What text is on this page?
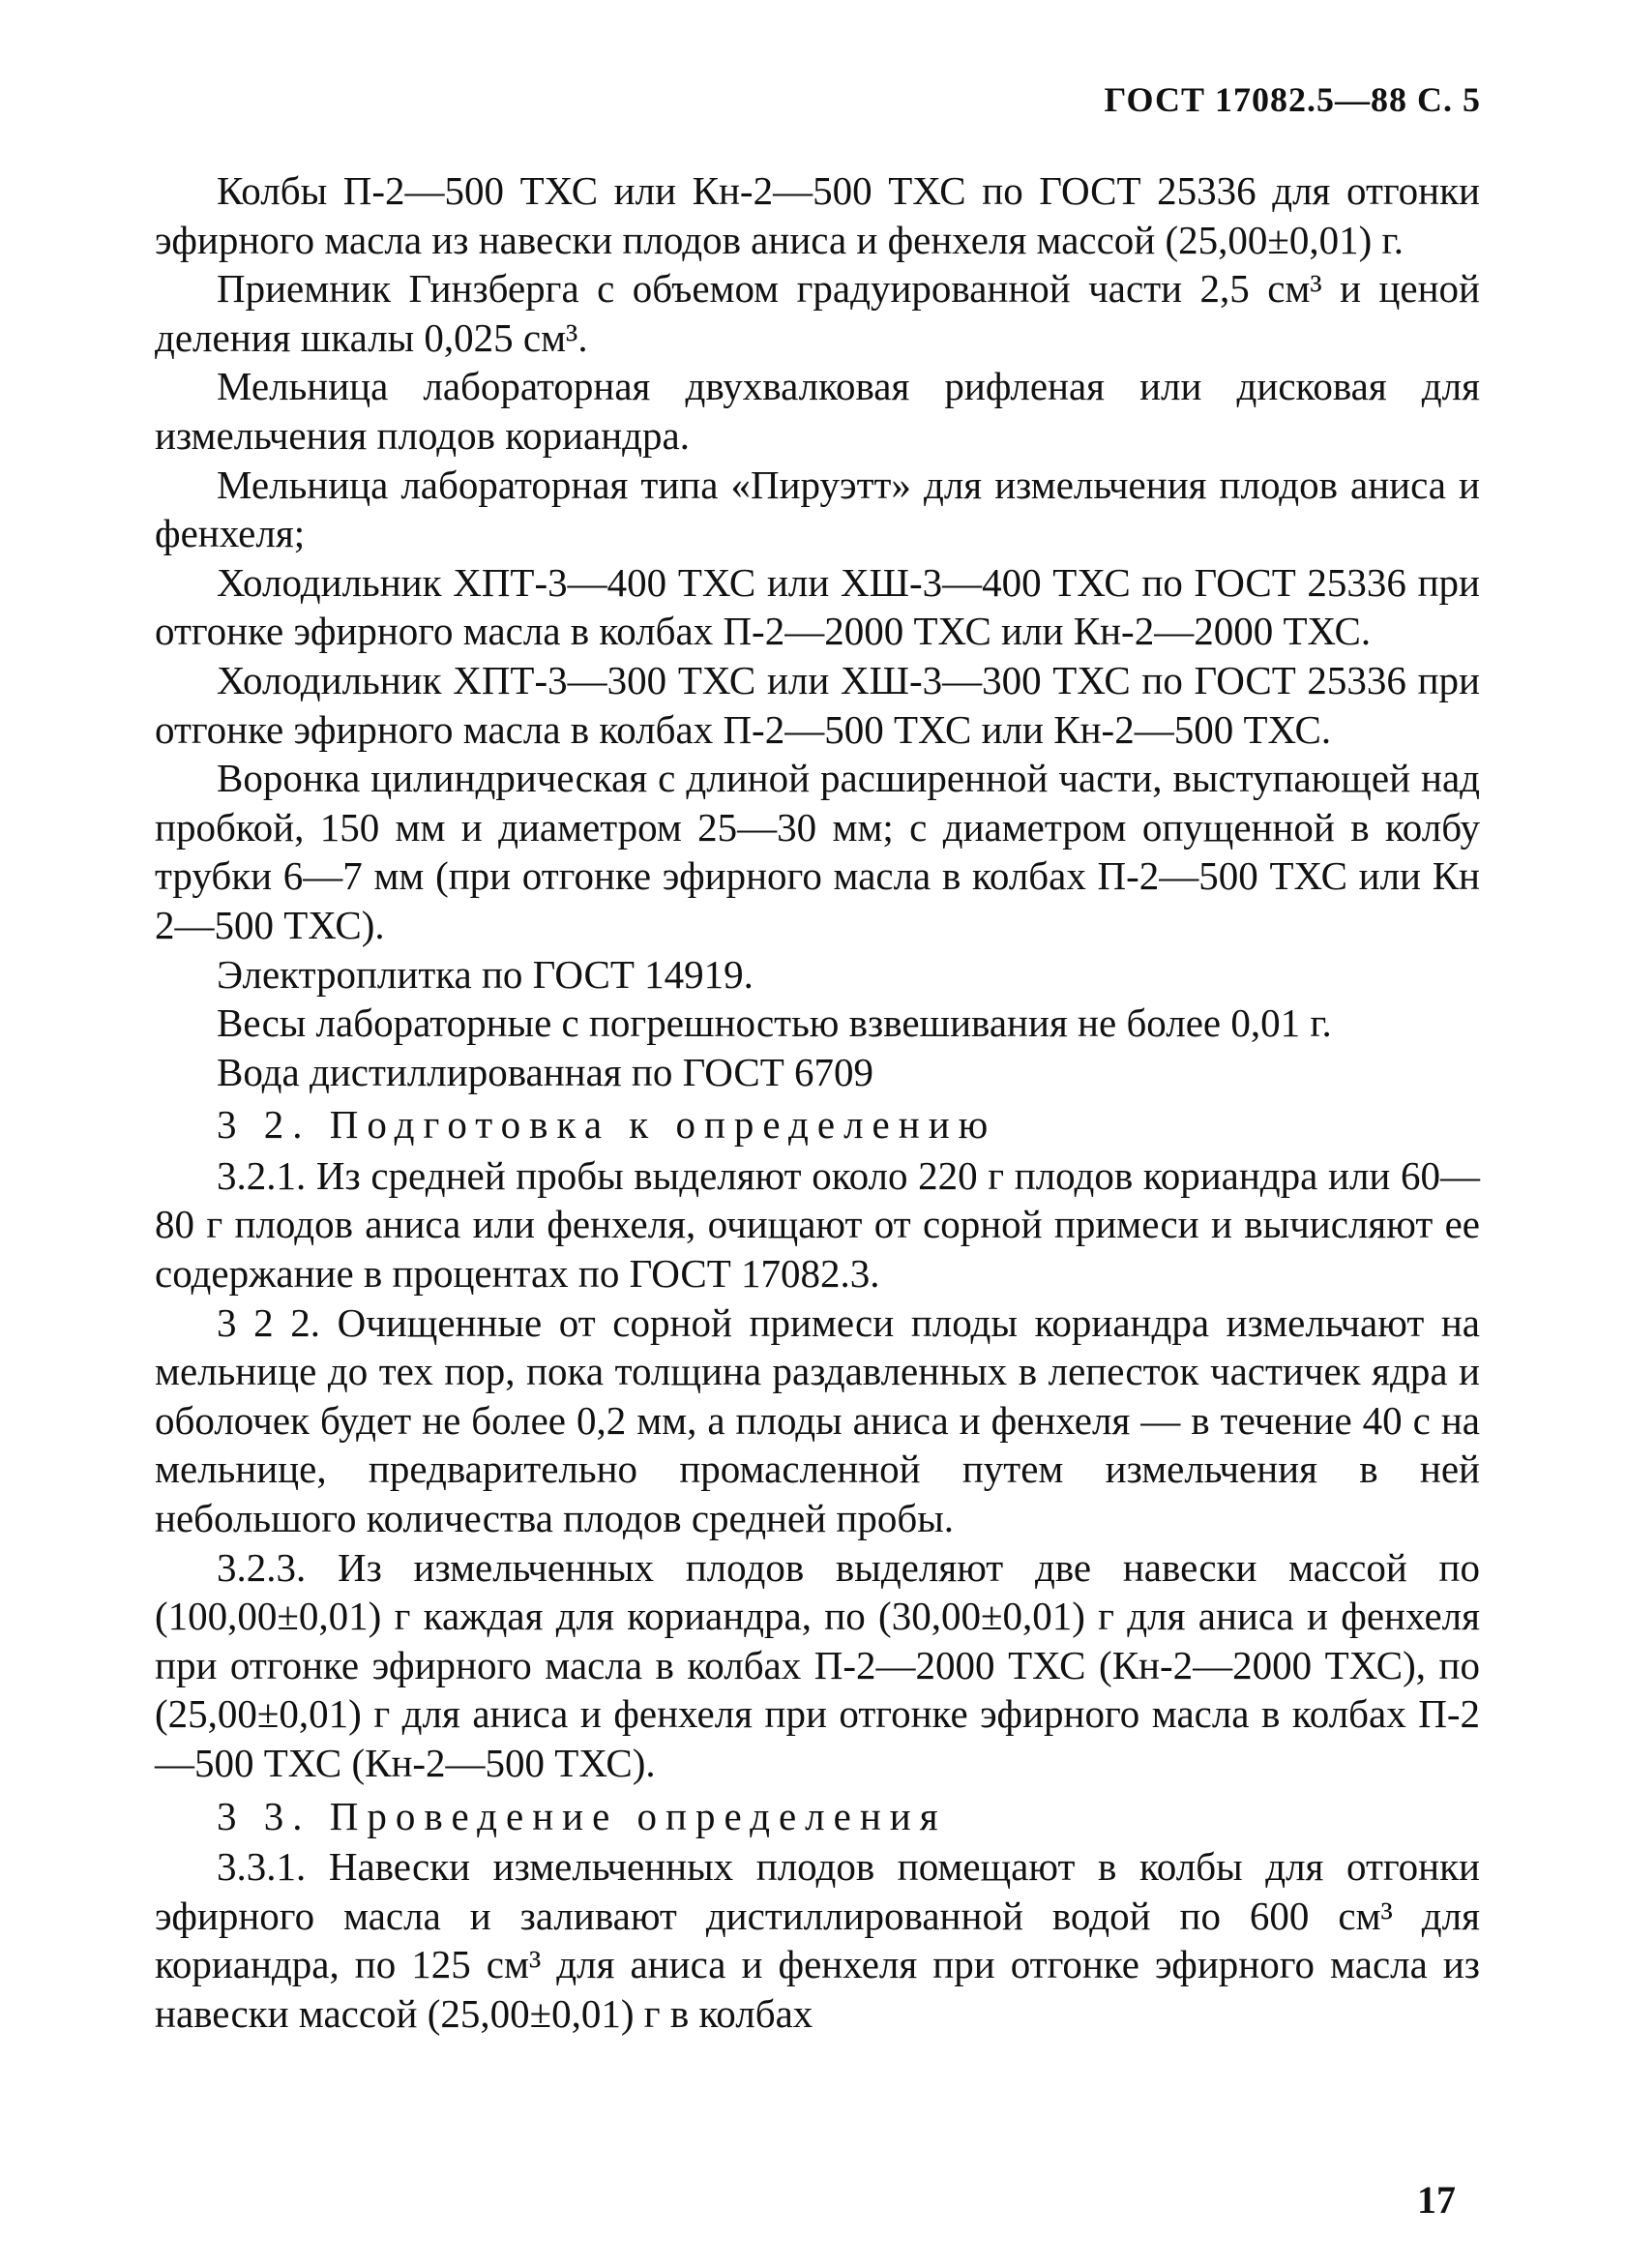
ГОСТ 17082.5—88 С. 5

Колбы П-2—500 ТХС или Кн-2—500 ТХС по ГОСТ 25336 для отгонки эфирного масла из навески плодов аниса и фенхеля массой (25,00±0,01) г.

Приемник Гинзберга с объемом градуированной части 2,5 см³ и ценой деления шкалы 0,025 см³.

Мельница лабораторная двухвалковая рифленая или дисковая для измельчения плодов кориандра.

Мельница лабораторная типа «Пируэтт» для измельчения плодов аниса и фенхеля;

Холодильник ХПТ-3—400 ТХС или ХШ-3—400 ТХС по ГОСТ 25336 при отгонке эфирного масла в колбах П-2—2000 ТХС или Кн-2—2000 ТХС.

Холодильник ХПТ-3—300 ТХС или ХШ-3—300 ТХС по ГОСТ 25336 при отгонке эфирного масла в колбах П-2—500 ТХС или Кн-2—500 ТХС.

Воронка цилиндрическая с длиной расширенной части, выступающей над пробкой, 150 мм и диаметром 25—30 мм; с диаметром опущенной в колбу трубки 6—7 мм (при отгонке эфирного масла в колбах П-2—500 ТХС или Кн 2—500 ТХС).

Электроплитка по ГОСТ 14919.

Весы лабораторные с погрешностью взвешивания не более 0,01 г.

Вода дистиллированная по ГОСТ 6709

3 2. Подготовка к определению

3.2.1. Из средней пробы выделяют около 220 г плодов кориандра или 60—80 г плодов аниса или фенхеля, очищают от сорной примеси и вычисляют ее содержание в процентах по ГОСТ 17082.3.

3 2 2. Очищенные от сорной примеси плоды кориандра измельчают на мельнице до тех пор, пока толщина раздавленных в лепесток частичек ядра и оболочек будет не более 0,2 мм, а плоды аниса и фенхеля — в течение 40 с на мельнице, предварительно промасленной путем измельчения в ней небольшого количества плодов средней пробы.

3.2.3. Из измельченных плодов выделяют две навески массой по (100,00±0,01) г каждая для кориандра, по (30,00±0,01) г для аниса и фенхеля при отгонке эфирного масла в колбах П-2—2000 ТХС (Кн-2—2000 ТХС), по (25,00±0,01) г для аниса и фенхеля при отгонке эфирного масла в колбах П-2—500 ТХС (Кн-2—500 ТХС).

3 3. Проведение определения

3.3.1. Навески измельченных плодов помещают в колбы для отгонки эфирного масла и заливают дистиллированной водой по 600 см³ для кориандра, по 125 см³ для аниса и фенхеля при отгонке эфирного масла из навески массой (25,00±0,01) г в колбах

17
